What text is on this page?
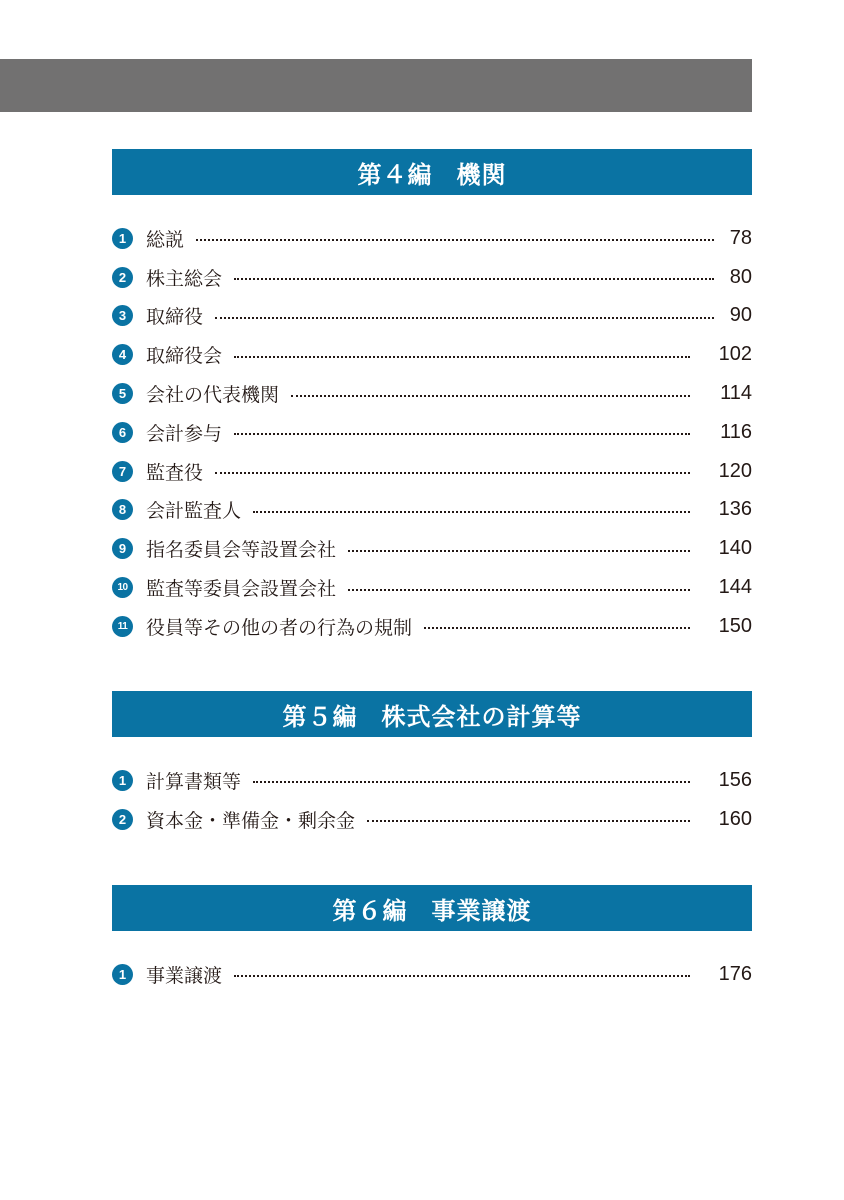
第４編 機関
1	総説	78
2	株主総会	80
3	取締役	90
4	取締役会	102
5	会社の代表機関	114
6	会計参与	116
7	監査役	120
8	会計監査人	136
9	指名委員会等設置会社	140
10 監査等委員会設置会社	144
11 役員等その他の者の行為の規制	150
第５編 株式会社の計算等
1	計算書類等	156
2	資本金・準備金・剰余金	160
第６編 事業譲渡
1	事業譲渡	176
